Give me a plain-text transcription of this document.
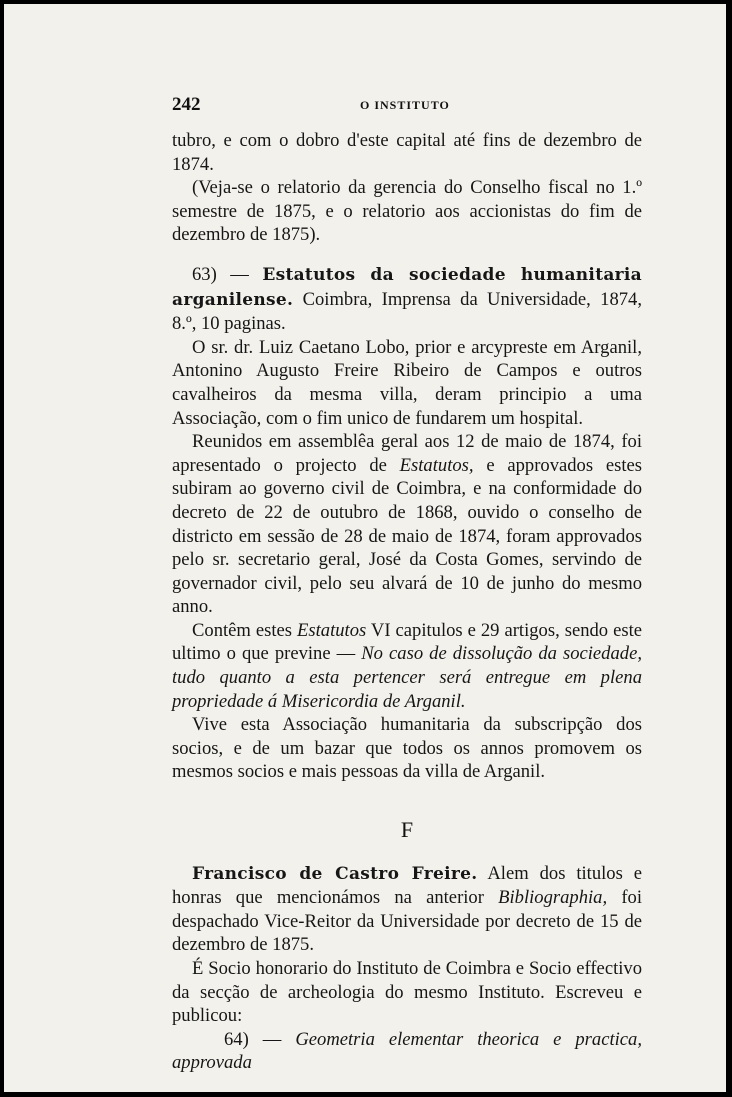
242	O INSTITUTO

tubro, e com o dobro d'este capital até fins de dezembro de 1874.

(Veja-se o relatorio da gerencia do Conselho fiscal no 1.º semestre de 1875, e o relatorio aos accionistas do fim de dezembro de 1875).

63) — Estatutos da sociedade humanitaria arganilense. Coimbra, Imprensa da Universidade, 1874, 8.º, 10 paginas.

O sr. dr. Luiz Caetano Lobo, prior e arcypreste em Arganil, Antonino Augusto Freire Ribeiro de Campos e outros cavalheiros da mesma villa, deram principio a uma Associação, com o fim unico de fundarem um hospital.

Reunidos em assemblêa geral aos 12 de maio de 1874, foi apresentado o projecto de Estatutos, e approvados estes subiram ao governo civil de Coimbra, e na conformidade do decreto de 22 de outubro de 1868, ouvido o conselho de districto em sessão de 28 de maio de 1874, foram approvados pelo sr. secretario geral, José da Costa Gomes, servindo de governador civil, pelo seu alvará de 10 de junho do mesmo anno.

Contêm estes Estatutos VI capitulos e 29 artigos, sendo este ultimo o que previne — No caso de dissolução da sociedade, tudo quanto a esta pertencer será entregue em plena propriedade á Misericordia de Arganil.

Vive esta Associação humanitaria da subscripção dos socios, e de um bazar que todos os annos promovem os mesmos socios e mais pessoas da villa de Arganil.

F

Francisco de Castro Freire. Alem dos titulos e honras que mencionámos na anterior Bibliographia, foi despachado Vice-Reitor da Universidade por decreto de 15 de dezembro de 1875.

É Socio honorario do Instituto de Coimbra e Socio effectivo da secção de archeologia do mesmo Instituto. Escreveu e publicou:

64) — Geometria elementar theorica e practica, approvada
